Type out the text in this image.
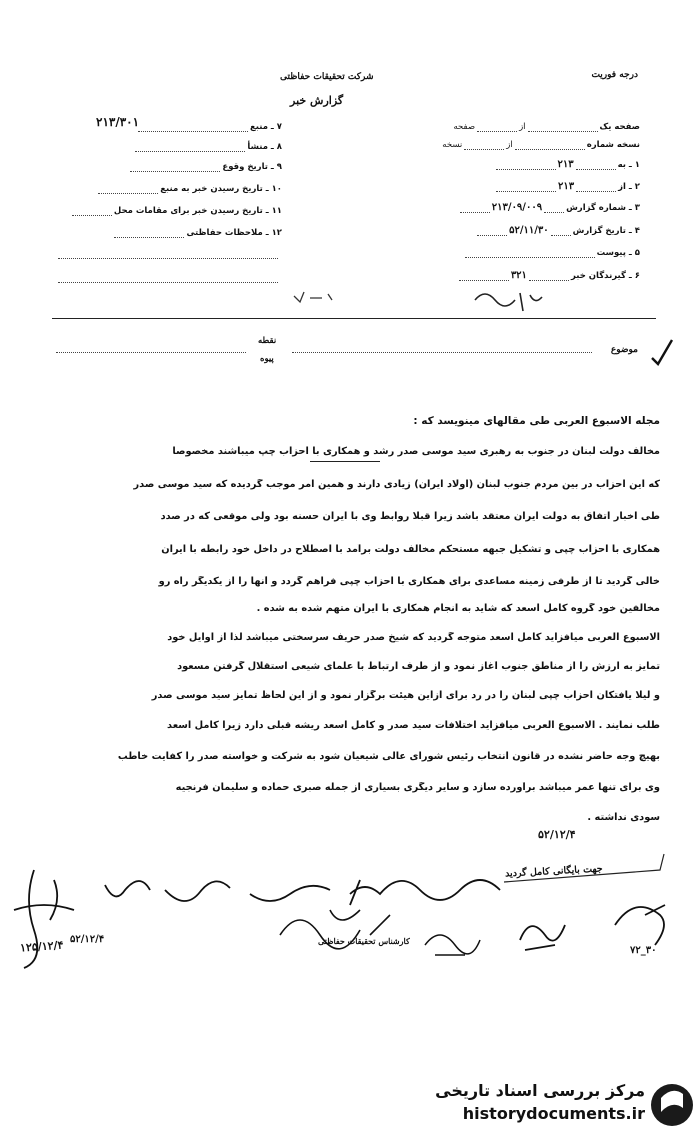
درجه فوریت
شرکت تحقیقات حفاظتی
گزارش خبر
۲۱۳/۳۰۱	صفحه یکازصفحه
نسخه شمارهازنسخه
۱ ـ به۲۱۳
۲ ـ از۲۱۳
۳ ـ شماره گزارش۲۱۳/۰۹/۰۰۹
۴ ـ تاریخ گزارش۵۲/۱۱/۳۰
۵ ـ پیوست
۶ ـ گیرندگان خبر۳۲۱
۷ ـ منبع
۸ ـ منشأ
۹ ـ تاریخ وقوع
۱۰ ـ تاریخ رسیدن خبر به منبع
۱۱ ـ تاریخ رسیدن خبر برای مقامات محل
۱۲ ـ ملاحظات حفاظتی
موضوع
نقطه
پیوه
مجله الاسبوع العربی طی مقالهای مینویسد که :
مخالف دولت لبنان در جنوب به رهبری سید موسی صدر رشد و همکاری با احزاب چپ میباشند مخصوصا
که این احزاب در بین مردم جنوب لبنان (اولاد ایران) زیادی دارند و همین امر موجب گردیده که سید موسی صدر
طی اخبار اتفاق به دولت ایران معتقد باشد زیرا قبلا روابط وی با ایران حسنه بود ولی موقعی که در صدد
همکاری با احزاب چپی و تشکیل جبهه مستحکم مخالف دولت برآمد با اصطلاح در داخل خود رابطه با ایران
خالی گردید تا از طرفی زمینه مساعدی برای همکاری با احزاب چپی فراهم گردد و آنها را از یکدیگر راه رو
مخالفین خود گروه کامل اسعد که شاید به انجام همکاری با ایران متهم شده به شده .
الاسبوع العربی میافزاید کامل اسعد متوجه گردید که شیخ صدر حریف سرسختی میباشد لذا از اوایل خود
تمایز به ارزش را از مناطق جنوب آغاز نمود و از طرف ارتباط با علمای شیعی استقلال گرفتن مسعود
و لیلا یافتکان احزاب چپی لبنان را در رد برای ازاین هیئت برگزار نمود و از این لحاظ تمایز سید موسی صدر
طلب نمایند . الاسبوع العربی میافزاید اختلافات سید صدر و کامل اسعد ریشه قبلی دارد زیرا کامل اسعد
بهیچ وجه حاضر نشده در قانون انتخاب رئیس شورای عالی شیعیان شود به شرکت و خواسته صدر را کفایت خاطب
وی برای تنها عمر میباشد برآورده سازد و سایر دیگری بسیاری از جمله صبری حماده و سلیمان فرنجیه
سودی نداشته .
۵۲/۱۲/۴
جهت بایگانی کامل گردید
۱۲۵/۱۲/۴ ۵۲/۱۲/۴	کارشناس تحقیقات حفاظتی
۷۲_۳۰
مرکز بررسی اسناد تاریخی
historydocuments.ir
